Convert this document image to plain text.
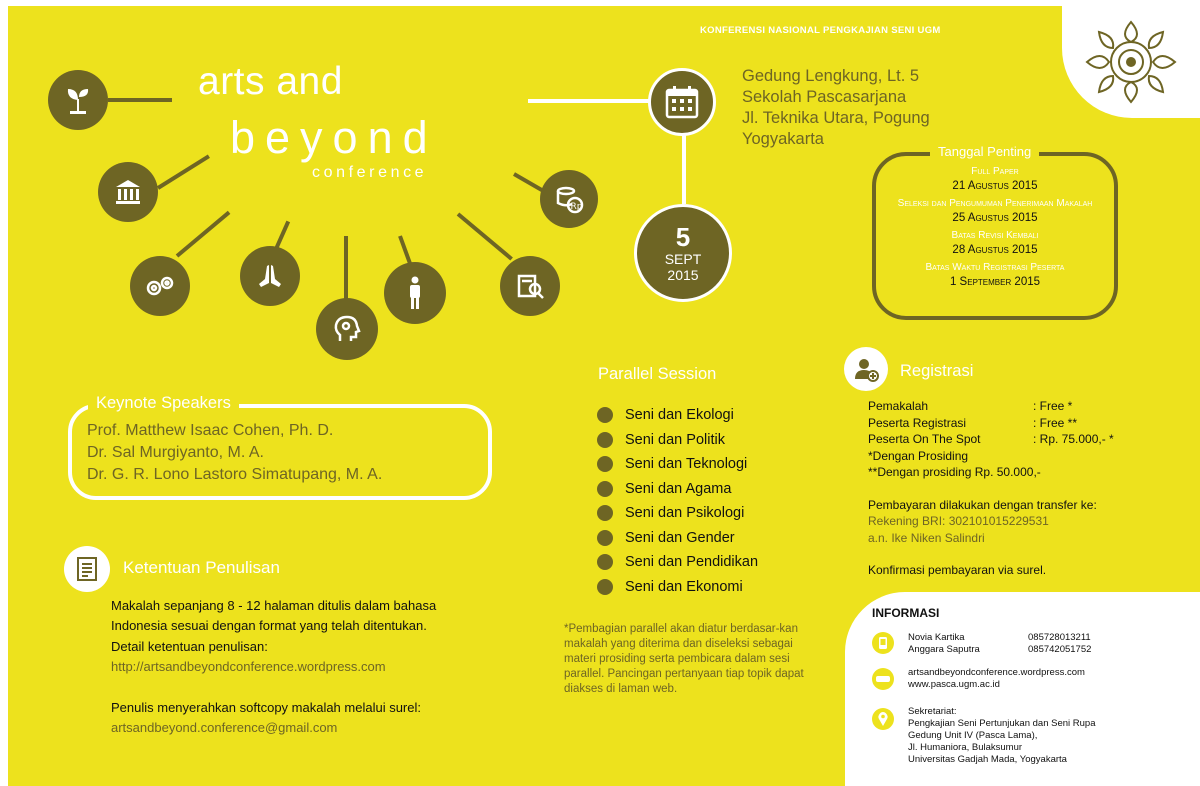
KONFERENSI NASIONAL PENGKAJIAN SENI UGM
arts and
beyond
conference
Rp
5
SEPT
2015
Gedung Lengkung, Lt. 5
Sekolah Pascasarjana
Jl. Teknika Utara, Pogung
Yogyakarta
Tanggal Penting
Full Paper
21 Agustus 2015
Seleksi dan Pengumuman Penerimaan Makalah
25 Agustus 2015
Batas Revisi Kembali
28 Agustus 2015
Batas Waktu Registrasi Peserta
1 September 2015
Keynote Speakers
Prof. Matthew Isaac Cohen, Ph. D.
Dr. Sal Murgiyanto, M. A.
Dr. G. R. Lono Lastoro Simatupang, M. A.
Ketentuan Penulisan
Makalah sepanjang 8 - 12 halaman ditulis dalam bahasa Indonesia sesuai dengan format yang telah ditentukan.
Detail ketentuan penulisan:
http://artsandbeyondconference.wordpress.com
Penulis menyerahkan softcopy makalah melalui surel:
artsandbeyond.conference@gmail.com
Parallel Session
Seni dan Ekologi
Seni dan Politik
Seni dan Teknologi
Seni dan Agama
Seni dan Psikologi
Seni dan Gender
Seni dan Pendidikan
Seni dan Ekonomi
*Pembagian parallel akan diatur berdasar-kan makalah yang diterima dan diseleksi sebagai materi prosiding serta pembicara dalam sesi parallel. Pancingan pertanyaan tiap topik dapat diakses di laman web.
Registrasi
Pemakalah	: Free *
Peserta Registrasi	: Free **
Peserta On The Spot	: Rp. 75.000,- *
*Dengan Prosiding
**Dengan prosiding Rp. 50.000,-
Pembayaran dilakukan dengan transfer ke:
Rekening BRI: 302101015229531
a.n. Ike Niken Salindri
Konfirmasi pembayaran via surel.
INFORMASI
Novia Kartika	085728013211
Anggara Saputra	085742051752
artsandbeyondconference.wordpress.com
www.pasca.ugm.ac.id
Sekretariat:
Pengkajian Seni Pertunjukan dan Seni Rupa
Gedung Unit IV (Pasca Lama),
Jl. Humaniora, Bulaksumur
Universitas Gadjah Mada, Yogyakarta
